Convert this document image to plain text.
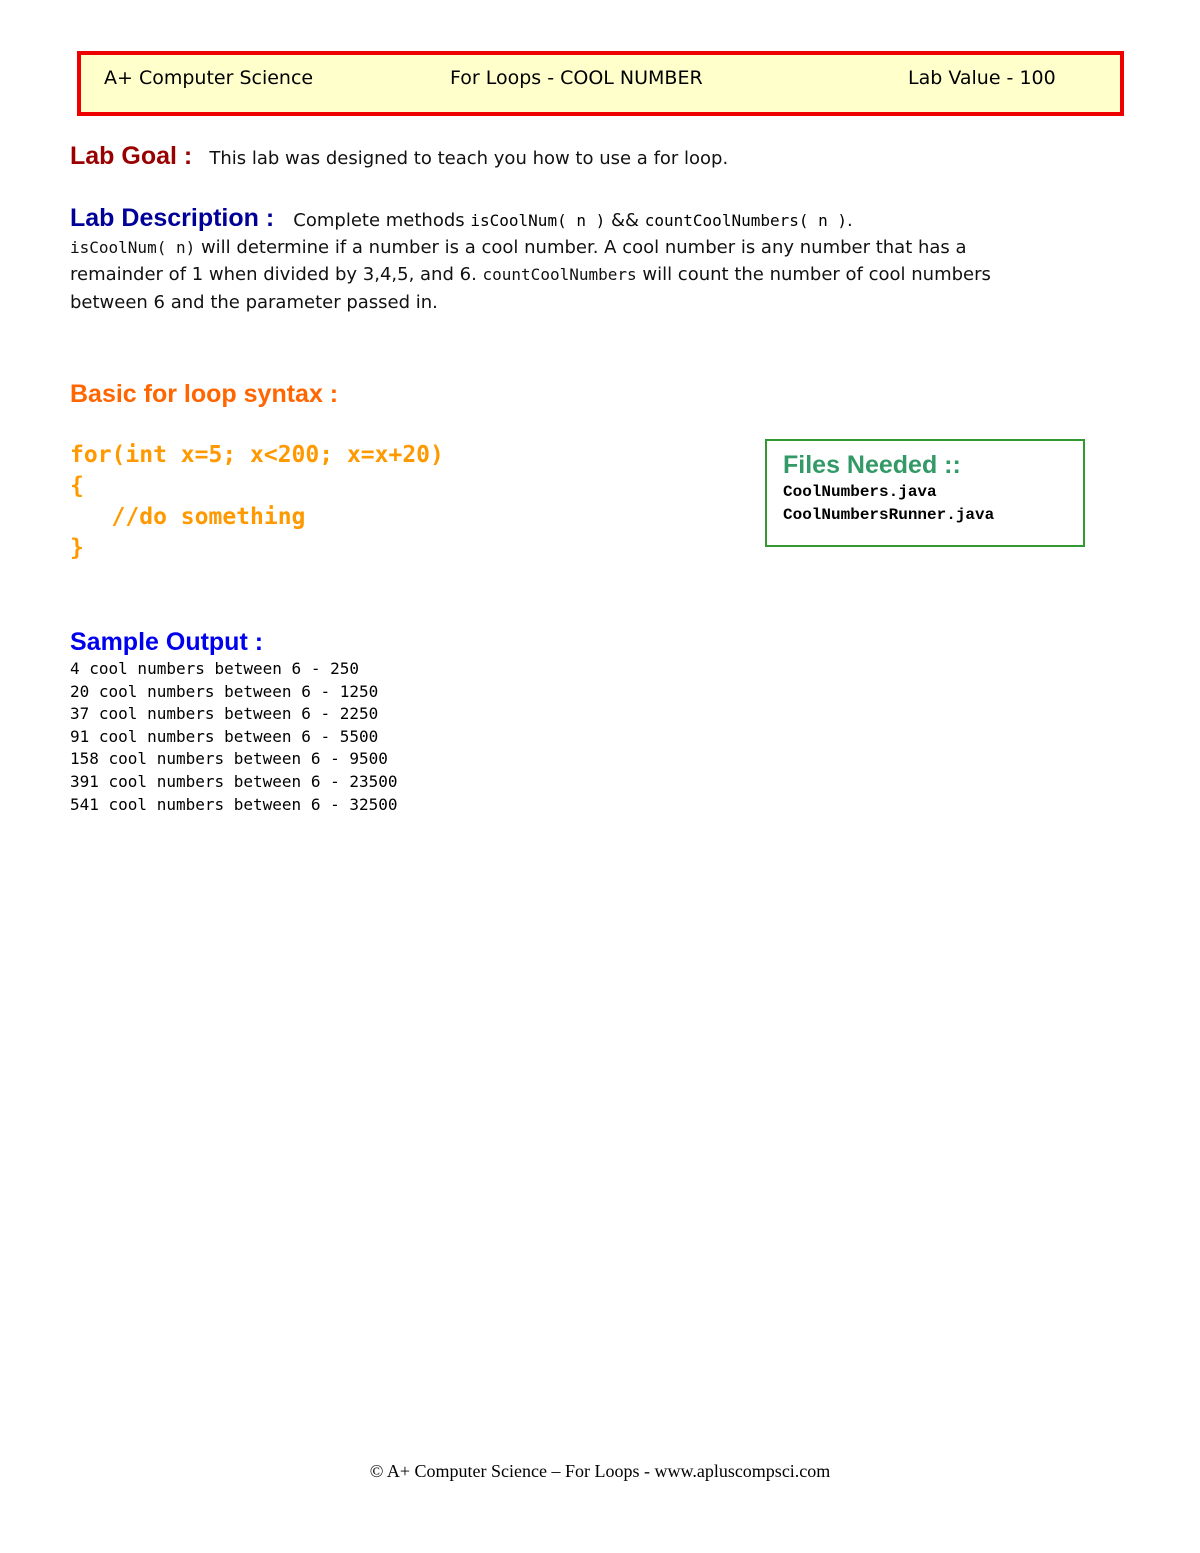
A+ Computer Science	For Loops - COOL NUMBER	Lab Value - 100
Lab Goal : This lab was designed to teach you how to use a for loop.
Lab Description : Complete methods isCoolNum( n ) && countCoolNumbers( n ).
isCoolNum( n) will determine if a number is a cool number. A cool number is any number that has a
remainder of 1 when divided by 3,4,5, and 6. countCoolNumbers will count the number of cool numbers
between 6 and the parameter passed in.
Basic for loop syntax :
for(int x=5; x<200; x=x+20)
{
//do something
}
Files Needed ::
CoolNumbers.java
CoolNumbersRunner.java
Sample Output :
4 cool numbers between 6 - 250
20 cool numbers between 6 - 1250
37 cool numbers between 6 - 2250
91 cool numbers between 6 - 5500
158 cool numbers between 6 - 9500
391 cool numbers between 6 - 23500
541 cool numbers between 6 - 32500
© A+ Computer Science – For Loops - www.apluscompsci.com
